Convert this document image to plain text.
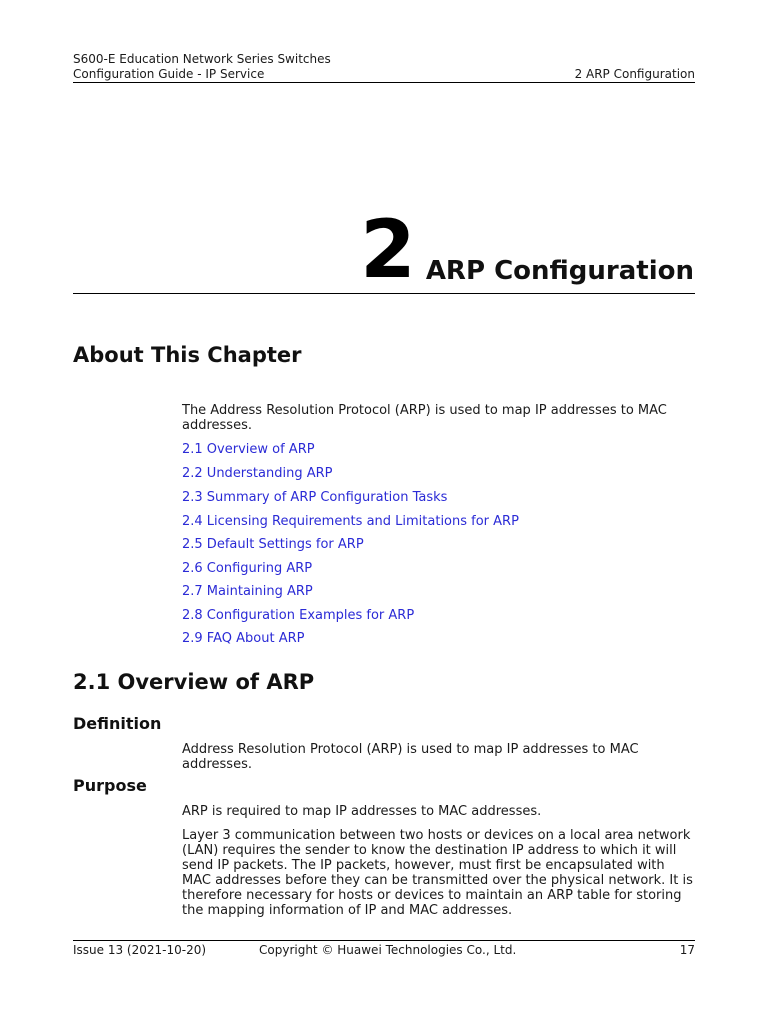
S600-E Education Network Series Switches
Configuration Guide - IP Service	2 ARP Configuration
2 ARP Configuration
About This Chapter
The Address Resolution Protocol (ARP) is used to map IP addresses to MAC addresses.
2.1 Overview of ARP
2.2 Understanding ARP
2.3 Summary of ARP Configuration Tasks
2.4 Licensing Requirements and Limitations for ARP
2.5 Default Settings for ARP
2.6 Configuring ARP
2.7 Maintaining ARP
2.8 Configuration Examples for ARP
2.9 FAQ About ARP
2.1 Overview of ARP
Definition
Address Resolution Protocol (ARP) is used to map IP addresses to MAC addresses.
Purpose
ARP is required to map IP addresses to MAC addresses.
Layer 3 communication between two hosts or devices on a local area network (LAN) requires the sender to know the destination IP address to which it will send IP packets. The IP packets, however, must first be encapsulated with MAC addresses before they can be transmitted over the physical network. It is therefore necessary for hosts or devices to maintain an ARP table for storing the mapping information of IP and MAC addresses.
Issue 13 (2021-10-20)	Copyright © Huawei Technologies Co., Ltd.	17
